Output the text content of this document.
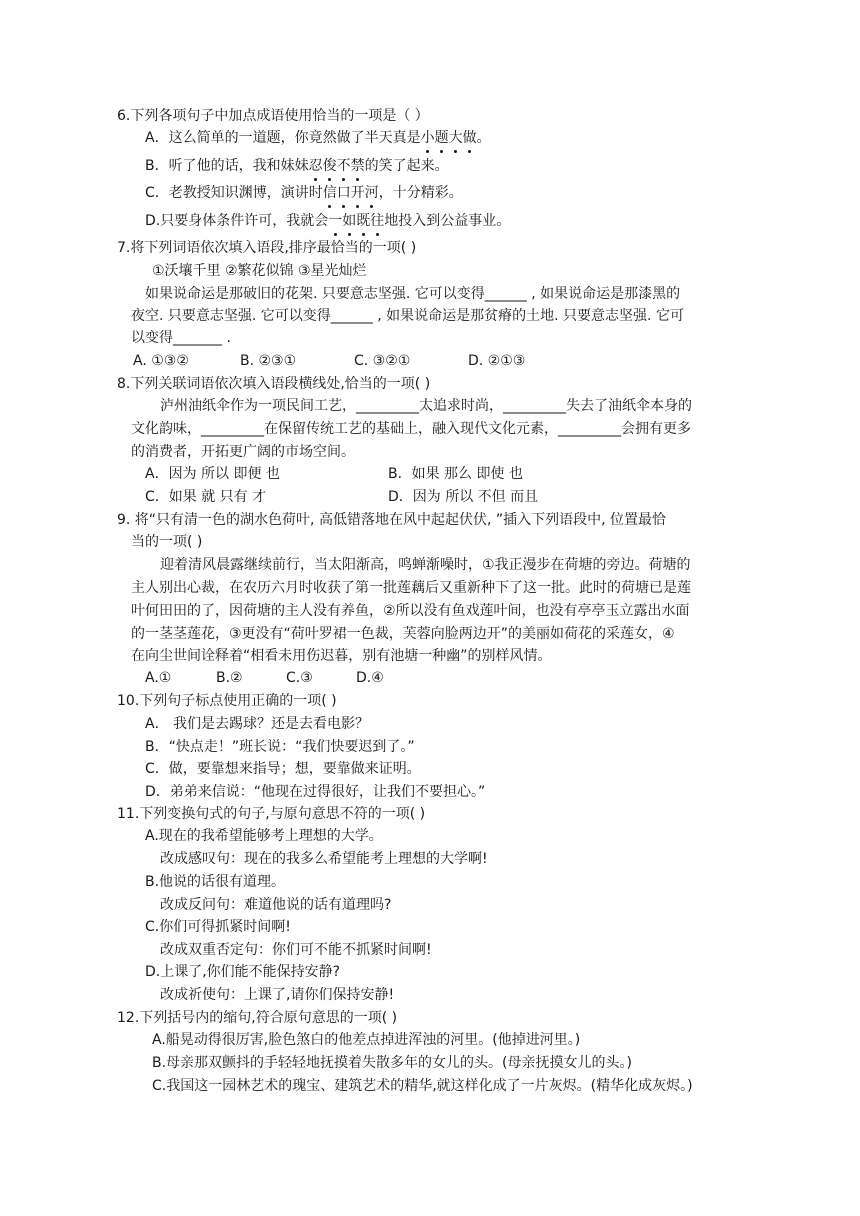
6.下列各项句子中加点成语使用恰当的一项是（ ）
A．这么简单的一道题，你竟然做了半天真是小题大做。
B．听了他的话，我和妹妹忍俊不禁的笑了起来。
C．老教授知识渊博，演讲时信口开河，十分精彩。
D.只要身体条件许可，我就会一如既往地投入到公益事业。
7.将下列词语依次填入语段,排序最恰当的一项( )
①沃壤千里 ②繁花似锦 ③星光灿烂
如果说命运是那破旧的花架. 只要意志坚强. 它可以变得______ , 如果说命运是那漆黑的
夜空. 只要意志坚强. 它可以变得______ , 如果说命运是那贫瘠的土地. 只要意志坚强. 它可
以变得_______ .
A. ①③②	B. ②③①	C. ③②①	D. ②①③
8.下列关联词语依次填入语段横线处,恰当的一项( )
泸州油纸伞作为一项民间工艺，_________太追求时尚，_________失去了油纸伞本身的
文化韵味，_________在保留传统工艺的基础上，融入现代文化元素，_________会拥有更多
的消费者，开拓更广阔的市场空间。
A．因为 所以 即便 也	B．如果 那么 即使 也
C．如果 就 只有 才	D．因为 所以 不但 而且
9. 将“只有清一色的湖水色荷叶, 高低错落地在风中起起伏伏, ”插入下列语段中, 位置最恰
当的一项( )
迎着清风晨露继续前行，当太阳渐高，鸣蝉渐噪时，①我正漫步在荷塘的旁边。荷塘的
主人别出心裁，在农历六月时收获了第一批莲藕后又重新种下了这一批。此时的荷塘已是莲
叶何田田的了，因荷塘的主人没有养鱼，②所以没有鱼戏莲叶间，也没有亭亭玉立露出水面
的一茎茎莲花，③更没有“荷叶罗裙一色裁，芙蓉向脸两边开”的美丽如荷花的采莲女，④
在向尘世间诠释着“相看未用伤迟暮，别有池塘一种幽”的别样风情。
A.①	B.②	C.③	D.④
10.下列句子标点使用正确的一项( )
A． 我们是去踢球？还是去看电影？
B．“快点走！”班长说：“我们快要迟到了。”
C．做，要靠想来指导；想，要靠做来证明。
D．弟弟来信说：“他现在过得很好，让我们不要担心。”
11.下列变换句式的句子,与原句意思不符的一项( )
A.现在的我希望能够考上理想的大学。
改成感叹句：现在的我多么希望能考上理想的大学啊!
B.他说的话很有道理。
改成反问句：难道他说的话有道理吗?
C.你们可得抓紧时间啊!
改成双重否定句：你们可不能不抓紧时间啊!
D.上课了,你们能不能保持安静?
改成祈使句：上课了,请你们保持安静!
12.下列括号内的缩句,符合原句意思的一项( )
A.船晃动得很厉害,脸色煞白的他差点掉进浑浊的河里。(他掉进河里。)
B.母亲那双颤抖的手轻轻地抚摸着失散多年的女儿的头。(母亲抚摸女儿的头。)
C.我国这一园林艺术的瑰宝、建筑艺术的精华,就这样化成了一片灰烬。(精华化成灰烬。)
